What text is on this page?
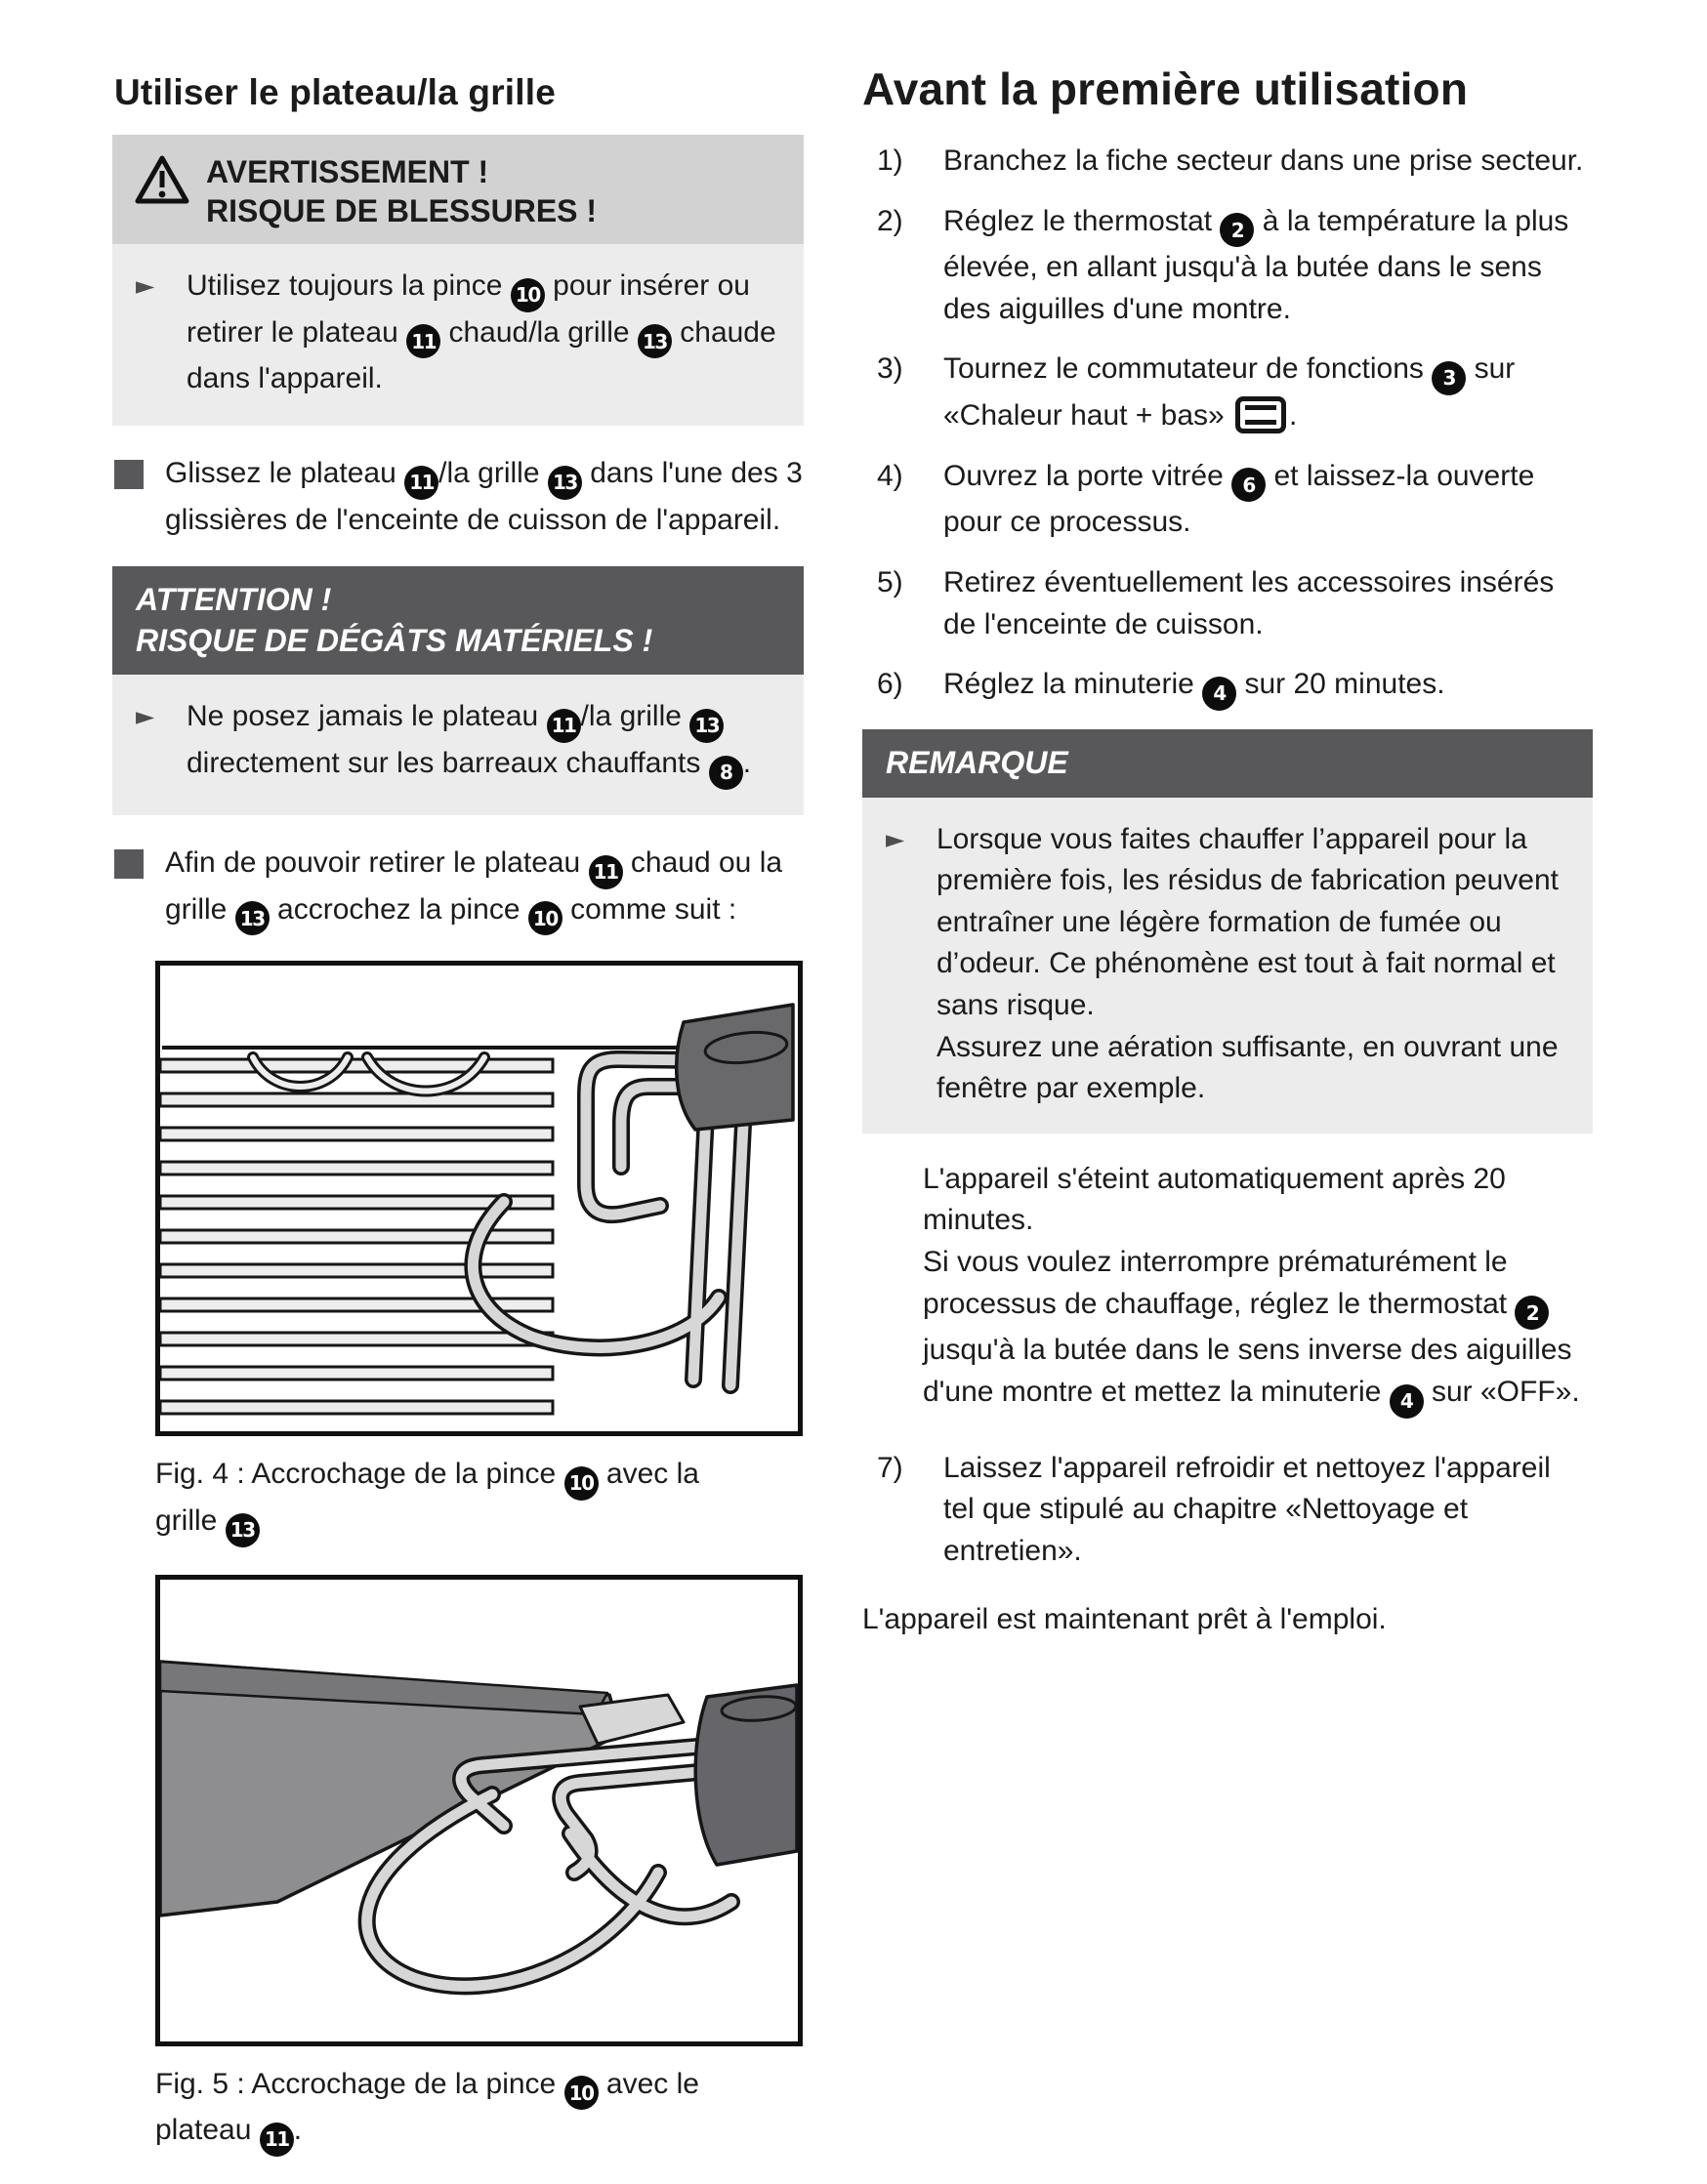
Utiliser le plateau/la grille
AVERTISSEMENT !
RISQUE DE BLESSURES !
►	Utilisez toujours la pince 10 pour insérer ou retirer le plateau 11 chaud/la grille 13 chaude dans l'appareil.

Glissez le plateau 11 /la grille 13 dans l'une des 3 glissières de l'enceinte de cuisson de l'appareil.

ATTENTION !
RISQUE DE DÉGÂTS MATÉRIELS !
►	Ne posez jamais le plateau 11 /la grille 13 directement sur les barreaux chauffants 8 .

Afin de pouvoir retirer le plateau 11 chaud ou la grille 13 accrochez la pince 10 comme suit :

Fig. 4 : Accrochage de la pince 10 avec la grille 13
Fig. 5 : Accrochage de la pince 10 avec le plateau 11 .
Avant la première utilisation
1)	Branchez la fiche secteur dans une prise secteur.

2)	Réglez le thermostat 2 à la température la plus élevée, en allant jusqu'à la butée dans le sens des aiguilles d'une montre.

3)	Tournez le commutateur de fonctions 3 sur «Chaleur haut + bas» .

4)	Ouvrez la porte vitrée 6 et laissez-la ouverte pour ce processus.

5)	Retirez éventuellement les accessoires insérés de l'enceinte de cuisson.

6)	Réglez la minuterie 4 sur 20 minutes.

REMARQUE
►	Lorsque vous faites chauffer l’appareil pour la première fois, les résidus de fabrication peuvent entraîner une légère formation de fumée ou d’odeur. Ce phénomène est tout à fait normal et sans risque.
Assurez une aération suffisante, en ouvrant une fenêtre par exemple.

L'appareil s'éteint automatiquement après 20 minutes.

Si vous voulez interrompre prématurément le processus de chauffage, réglez le thermostat 2 jusqu'à la butée dans le sens inverse des aiguilles d'une montre et mettez la minuterie 4 sur «OFF».

7)	Laissez l'appareil refroidir et nettoyez l'appareil tel que stipulé au chapitre «Nettoyage et entretien».

L'appareil est maintenant prêt à l'emploi.
